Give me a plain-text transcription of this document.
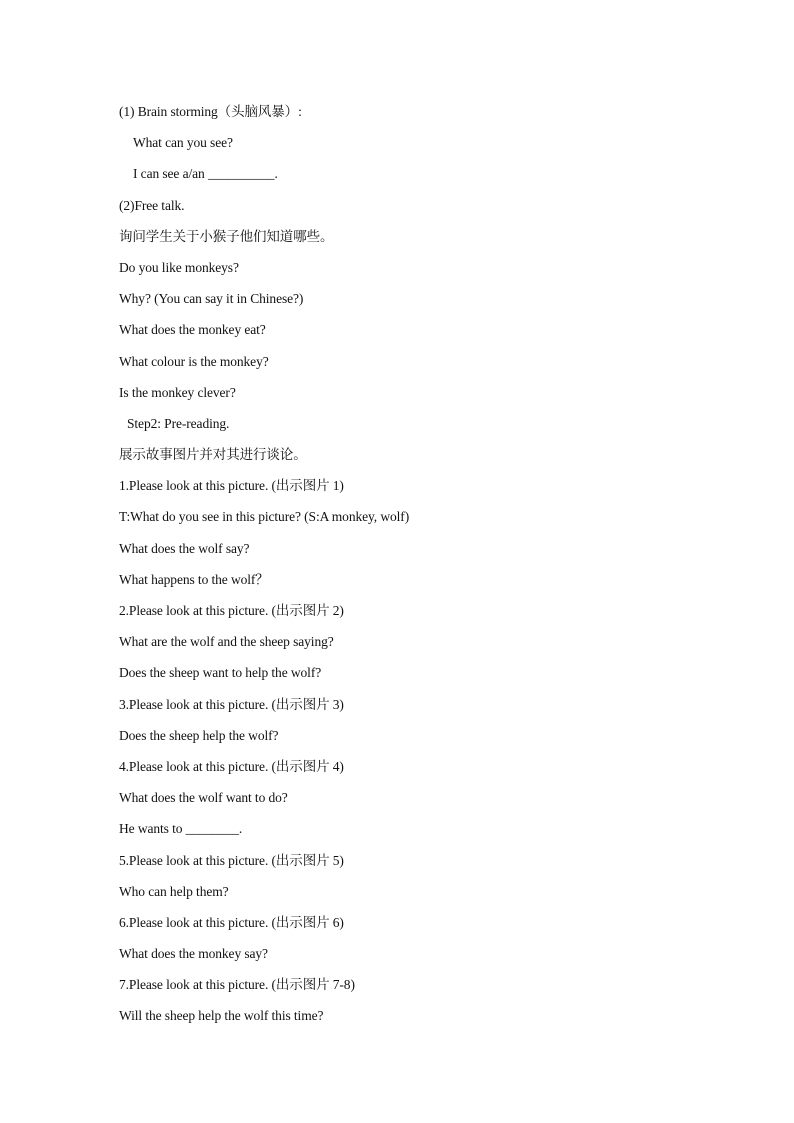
(1) Brain storming（头脑风暴）:
What can you see?
I can see a/an __________.
(2)Free talk.
询问学生关于小猴子他们知道哪些。
Do you like monkeys?
Why? (You can say it in Chinese?)
What does the monkey eat?
What colour is the monkey?
Is the monkey clever?
Step2: Pre-reading.
展示故事图片并对其进行谈论。
1.Please look at this picture. (出示图片 1)
T:What do you see in this picture? (S:A monkey, wolf)
What does the wolf say?
What happens to the wolf？
2.Please look at this picture. (出示图片 2)
What are the wolf and the sheep saying?
Does the sheep want to help the wolf?
3.Please look at this picture. (出示图片 3)
Does the sheep help the wolf?
4.Please look at this picture. (出示图片 4)
What does the wolf want to do?
He wants to ________.
5.Please look at this picture. (出示图片 5)
Who can help them?
6.Please look at this picture. (出示图片 6)
What does the monkey say?
7.Please look at this picture. (出示图片 7-8)
Will the sheep help the wolf this time?
